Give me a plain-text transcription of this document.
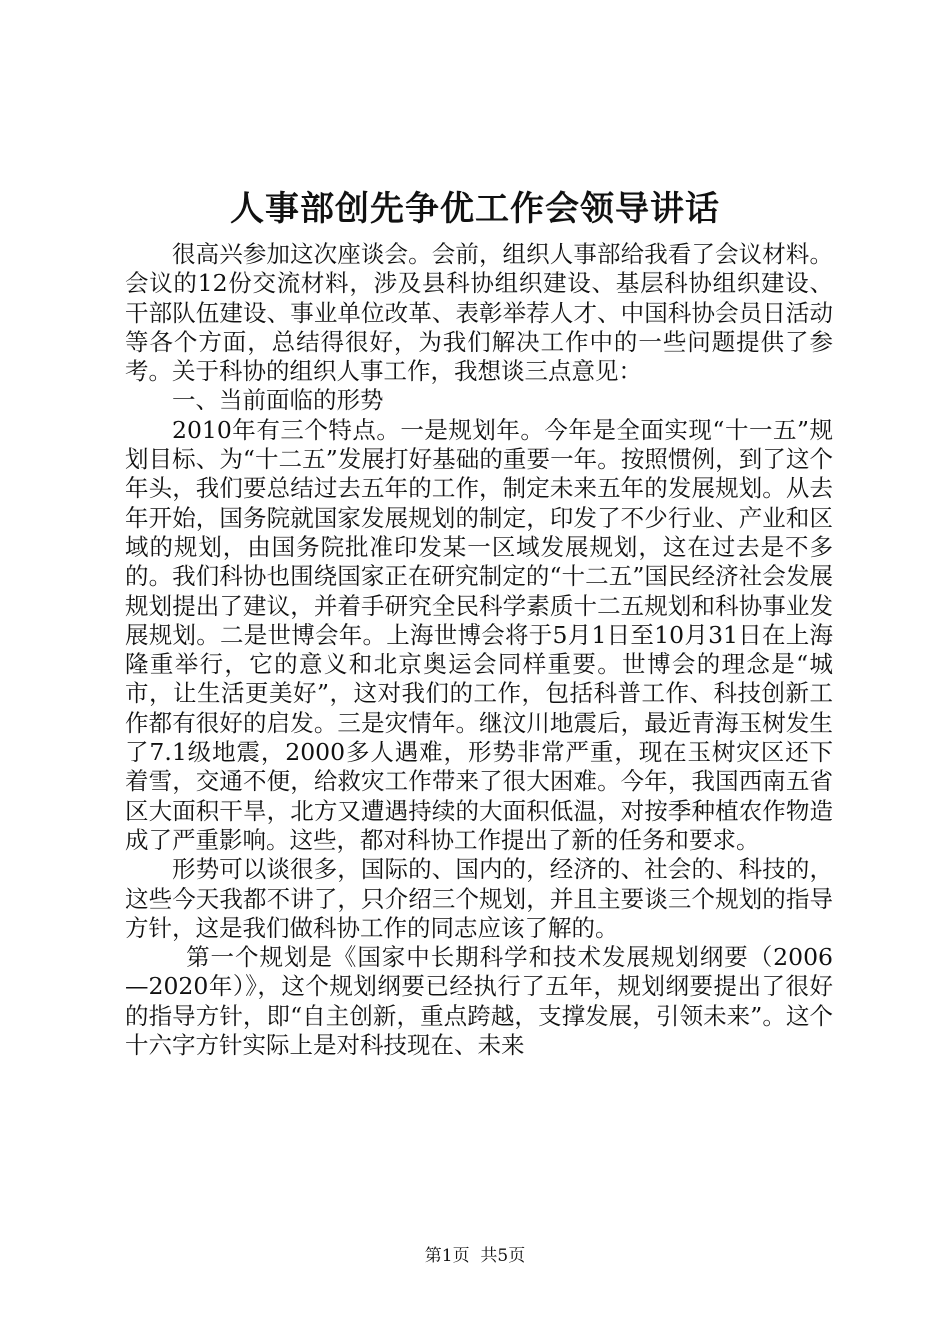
人事部创先争优工作会领导讲话

很高兴参加这次座谈会。会前，组织人事部给我看了会议材料。会议的12份交流材料，涉及县科协组织建设、基层科协组织建设、干部队伍建设、事业单位改革、表彰举荐人才、中国科协会员日活动等各个方面，总结得很好，为我们解决工作中的一些问题提供了参考。关于科协的组织人事工作，我想谈三点意见：

一、当前面临的形势

2010年有三个特点。一是规划年。今年是全面实现“十一五”规划目标、为“十二五”发展打好基础的重要一年。按照惯例，到了这个年头，我们要总结过去五年的工作，制定未来五年的发展规划。从去年开始，国务院就国家发展规划的制定，印发了不少行业、产业和区域的规划，由国务院批准印发某一区域发展规划，这在过去是不多的。我们科协也围绕国家正在研究制定的“十二五”国民经济社会发展规划提出了建议，并着手研究全民科学素质十二五规划和科协事业发展规划。二是世博会年。上海世博会将于5月1日至10月31日在上海隆重举行，它的意义和北京奥运会同样重要。世博会的理念是“城市，让生活更美好”，这对我们的工作，包括科普工作、科技创新工作都有很好的启发。三是灾情年。继汶川地震后，最近青海玉树发生了7.1级地震，2000多人遇难，形势非常严重，现在玉树灾区还下着雪，交通不便，给救灾工作带来了很大困难。今年，我国西南五省区大面积干旱，北方又遭遇持续的大面积低温，对按季种植农作物造成了严重影响。这些，都对科协工作提出了新的任务和要求。

形势可以谈很多，国际的、国内的，经济的、社会的、科技的，这些今天我都不讲了，只介绍三个规划，并且主要谈三个规划的指导方针，这是我们做科协工作的同志应该了解的。

第一个规划是《国家中长期科学和技术发展规划纲要（2006—2020年）》，这个规划纲要已经执行了五年，规划纲要提出了很好的指导方针，即“自主创新，重点跨越，支撑发展，引领未来”。这个十六字方针实际上是对科技现在、未来

第1页 共5页
